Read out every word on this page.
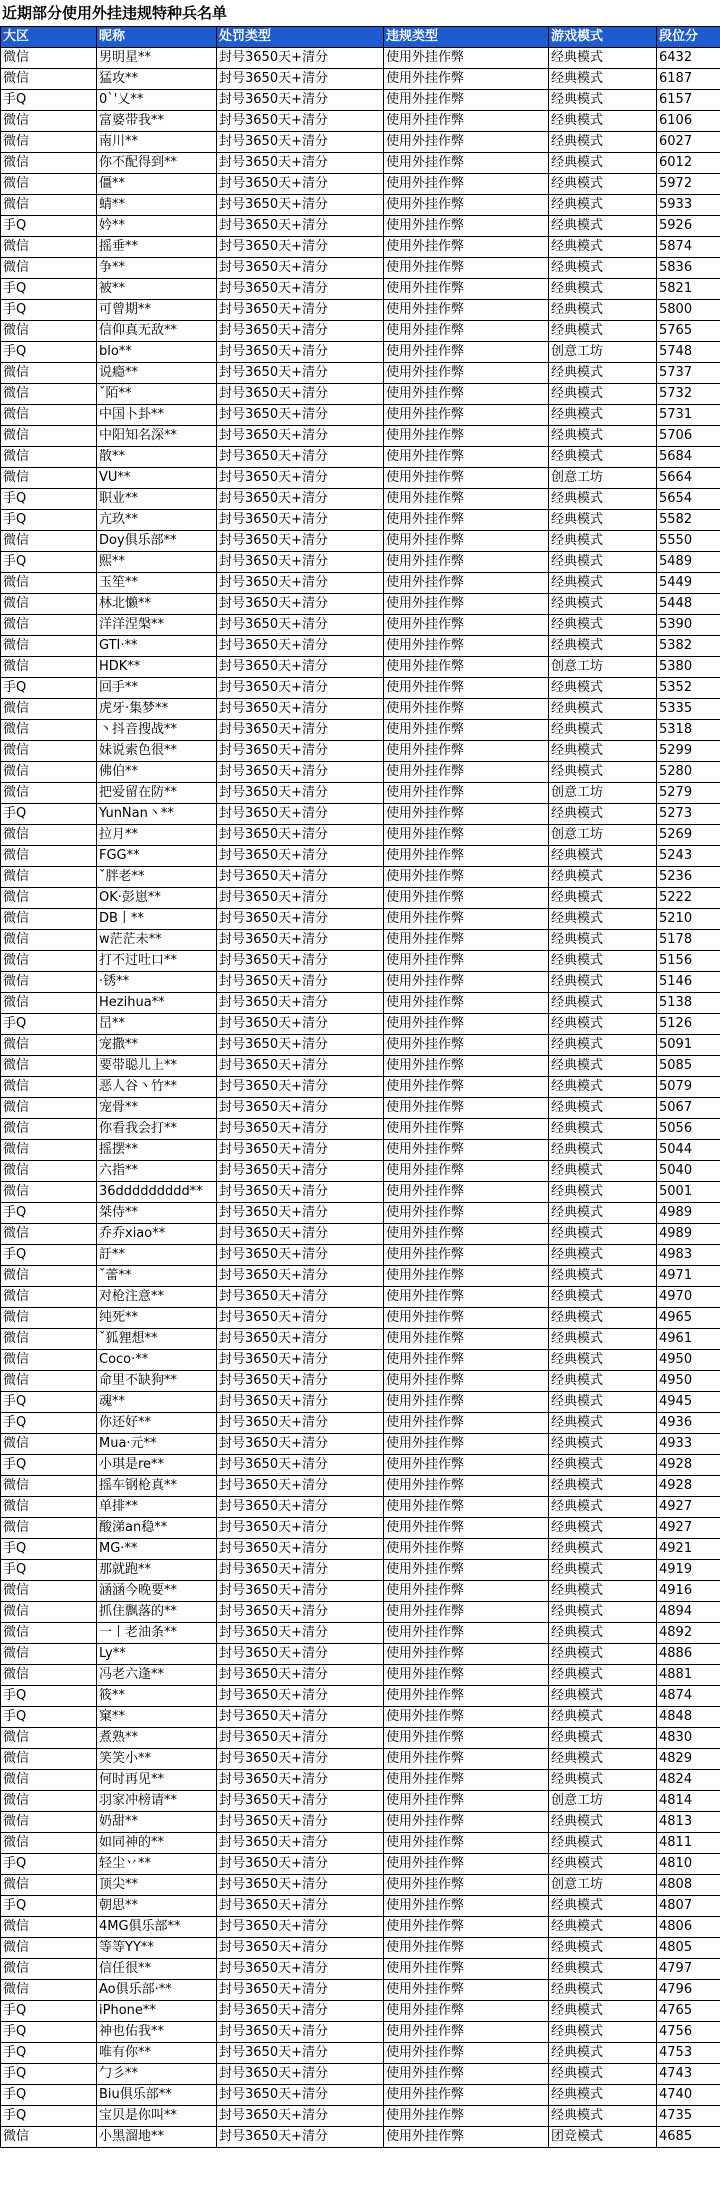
近期部分使用外挂违规特种兵名单
大区	昵称	处罚类型	违规类型	游戏模式	段位分
微信	男明星**	封号3650天+清分	使用外挂作弊	经典模式	6432
微信	猛攻**	封号3650天+清分	使用外挂作弊	经典模式	6187
手Q	0`'乂**	封号3650天+清分	使用外挂作弊	经典模式	6157
微信	富婆带我**	封号3650天+清分	使用外挂作弊	经典模式	6106
微信	南川**	封号3650天+清分	使用外挂作弊	经典模式	6027
微信	你不配得到**	封号3650天+清分	使用外挂作弊	经典模式	6012
微信	僵**	封号3650天+清分	使用外挂作弊	经典模式	5972
微信	蜻**	封号3650天+清分	使用外挂作弊	经典模式	5933
手Q	妗**	封号3650天+清分	使用外挂作弊	经典模式	5926
微信	摇垂**	封号3650天+清分	使用外挂作弊	经典模式	5874
微信	争**	封号3650天+清分	使用外挂作弊	经典模式	5836
手Q	被**	封号3650天+清分	使用外挂作弊	经典模式	5821
手Q	可曾期**	封号3650天+清分	使用外挂作弊	经典模式	5800
微信	信仰真无敌**	封号3650天+清分	使用外挂作弊	经典模式	5765
手Q	blo**	封号3650天+清分	使用外挂作弊	创意工坊	5748
微信	说瘾**	封号3650天+清分	使用外挂作弊	经典模式	5737
微信	ˇ陌**	封号3650天+清分	使用外挂作弊	经典模式	5732
微信	中国卜卦**	封号3650天+清分	使用外挂作弊	经典模式	5731
微信	中阳知名深**	封号3650天+清分	使用外挂作弊	经典模式	5706
微信	散**	封号3650天+清分	使用外挂作弊	经典模式	5684
微信	VU**	封号3650天+清分	使用外挂作弊	创意工坊	5664
手Q	职业**	封号3650天+清分	使用外挂作弊	经典模式	5654
手Q	亢玖**	封号3650天+清分	使用外挂作弊	经典模式	5582
微信	Doy俱乐部**	封号3650天+清分	使用外挂作弊	经典模式	5550
手Q	熙**	封号3650天+清分	使用外挂作弊	经典模式	5489
微信	玉笙**	封号3650天+清分	使用外挂作弊	经典模式	5449
微信	林北懒**	封号3650天+清分	使用外挂作弊	经典模式	5448
微信	洋洋涅槃**	封号3650天+清分	使用外挂作弊	经典模式	5390
微信	GTI·**	封号3650天+清分	使用外挂作弊	经典模式	5382
微信	HDK**	封号3650天+清分	使用外挂作弊	创意工坊	5380
手Q	回手**	封号3650天+清分	使用外挂作弊	经典模式	5352
微信	虎牙·集梦**	封号3650天+清分	使用外挂作弊	经典模式	5335
微信	丶抖音搜战**	封号3650天+清分	使用外挂作弊	经典模式	5318
微信	妹说索色很**	封号3650天+清分	使用外挂作弊	经典模式	5299
微信	佛伯**	封号3650天+清分	使用外挂作弊	经典模式	5280
微信	把爱留在防**	封号3650天+清分	使用外挂作弊	创意工坊	5279
手Q	YunNan丶**	封号3650天+清分	使用外挂作弊	经典模式	5273
微信	拉月**	封号3650天+清分	使用外挂作弊	创意工坊	5269
微信	FGG**	封号3650天+清分	使用外挂作弊	经典模式	5243
微信	ˇ胖老**	封号3650天+清分	使用外挂作弊	经典模式	5236
微信	OK·彭崽**	封号3650天+清分	使用外挂作弊	经典模式	5222
微信	DB丨**	封号3650天+清分	使用外挂作弊	经典模式	5210
微信	w茫茫未**	封号3650天+清分	使用外挂作弊	经典模式	5178
微信	打不过吐口**	封号3650天+清分	使用外挂作弊	经典模式	5156
微信	·锈**	封号3650天+清分	使用外挂作弊	经典模式	5146
微信	Hezihua**	封号3650天+清分	使用外挂作弊	经典模式	5138
手Q	旵**	封号3650天+清分	使用外挂作弊	经典模式	5126
微信	宠撒**	封号3650天+清分	使用外挂作弊	经典模式	5091
微信	要带聪儿上**	封号3650天+清分	使用外挂作弊	经典模式	5085
微信	恶人谷丶竹**	封号3650天+清分	使用外挂作弊	经典模式	5079
微信	宠骨**	封号3650天+清分	使用外挂作弊	经典模式	5067
微信	你看我会打**	封号3650天+清分	使用外挂作弊	经典模式	5056
微信	摇摆**	封号3650天+清分	使用外挂作弊	经典模式	5044
微信	六指**	封号3650天+清分	使用外挂作弊	经典模式	5040
微信	36ddddddddd**	封号3650天+清分	使用外挂作弊	经典模式	5001
手Q	桀侍**	封号3650天+清分	使用外挂作弊	经典模式	4989
微信	乔乔xiao**	封号3650天+清分	使用外挂作弊	经典模式	4989
手Q	訏**	封号3650天+清分	使用外挂作弊	经典模式	4983
微信	ˇ蕾**	封号3650天+清分	使用外挂作弊	经典模式	4971
微信	对枪注意**	封号3650天+清分	使用外挂作弊	经典模式	4970
微信	纯死**	封号3650天+清分	使用外挂作弊	经典模式	4965
微信	ˇ狐狸想**	封号3650天+清分	使用外挂作弊	经典模式	4961
微信	Coco·**	封号3650天+清分	使用外挂作弊	经典模式	4950
微信	命里不缺狗**	封号3650天+清分	使用外挂作弊	经典模式	4950
手Q	魂**	封号3650天+清分	使用外挂作弊	经典模式	4945
手Q	你还好**	封号3650天+清分	使用外挂作弊	经典模式	4936
微信	Mua·元**	封号3650天+清分	使用外挂作弊	经典模式	4933
手Q	小琪是re**	封号3650天+清分	使用外挂作弊	经典模式	4928
微信	摇车钢枪真**	封号3650天+清分	使用外挂作弊	经典模式	4928
微信	单排**	封号3650天+清分	使用外挂作弊	经典模式	4927
微信	酸涕an稳**	封号3650天+清分	使用外挂作弊	经典模式	4927
手Q	MG·**	封号3650天+清分	使用外挂作弊	经典模式	4921
手Q	那就跑**	封号3650天+清分	使用外挂作弊	经典模式	4919
微信	涵涵今晚要**	封号3650天+清分	使用外挂作弊	经典模式	4916
微信	抓住飘落的**	封号3650天+清分	使用外挂作弊	经典模式	4894
微信	一丨老油条**	封号3650天+清分	使用外挂作弊	经典模式	4892
微信	Ly**	封号3650天+清分	使用外挂作弊	经典模式	4886
微信	冯老六逢**	封号3650天+清分	使用外挂作弊	经典模式	4881
手Q	筱**	封号3650天+清分	使用外挂作弊	经典模式	4874
手Q	窠**	封号3650天+清分	使用外挂作弊	经典模式	4848
微信	煮熟**	封号3650天+清分	使用外挂作弊	经典模式	4830
微信	笑笑小**	封号3650天+清分	使用外挂作弊	经典模式	4829
微信	何时再见**	封号3650天+清分	使用外挂作弊	经典模式	4824
微信	羽家冲榜请**	封号3650天+清分	使用外挂作弊	创意工坊	4814
微信	奶甜**	封号3650天+清分	使用外挂作弊	经典模式	4813
微信	如同神的**	封号3650天+清分	使用外挂作弊	经典模式	4811
手Q	轻尘丷**	封号3650天+清分	使用外挂作弊	经典模式	4810
微信	顶尖**	封号3650天+清分	使用外挂作弊	创意工坊	4808
手Q	朝思**	封号3650天+清分	使用外挂作弊	经典模式	4807
微信	4MG俱乐部**	封号3650天+清分	使用外挂作弊	经典模式	4806
微信	等等YY**	封号3650天+清分	使用外挂作弊	经典模式	4805
微信	信任很**	封号3650天+清分	使用外挂作弊	经典模式	4797
微信	Ao俱乐部·**	封号3650天+清分	使用外挂作弊	经典模式	4796
手Q	iPhone**	封号3650天+清分	使用外挂作弊	经典模式	4765
手Q	神也佑我**	封号3650天+清分	使用外挂作弊	经典模式	4756
手Q	唯有你**	封号3650天+清分	使用外挂作弊	经典模式	4753
手Q	勹彡**	封号3650天+清分	使用外挂作弊	经典模式	4743
手Q	Biu俱乐部**	封号3650天+清分	使用外挂作弊	经典模式	4740
手Q	宝贝是你叫**	封号3650天+清分	使用外挂作弊	经典模式	4735
微信	小黑溜地**	封号3650天+清分	使用外挂作弊	团竞模式	4685
